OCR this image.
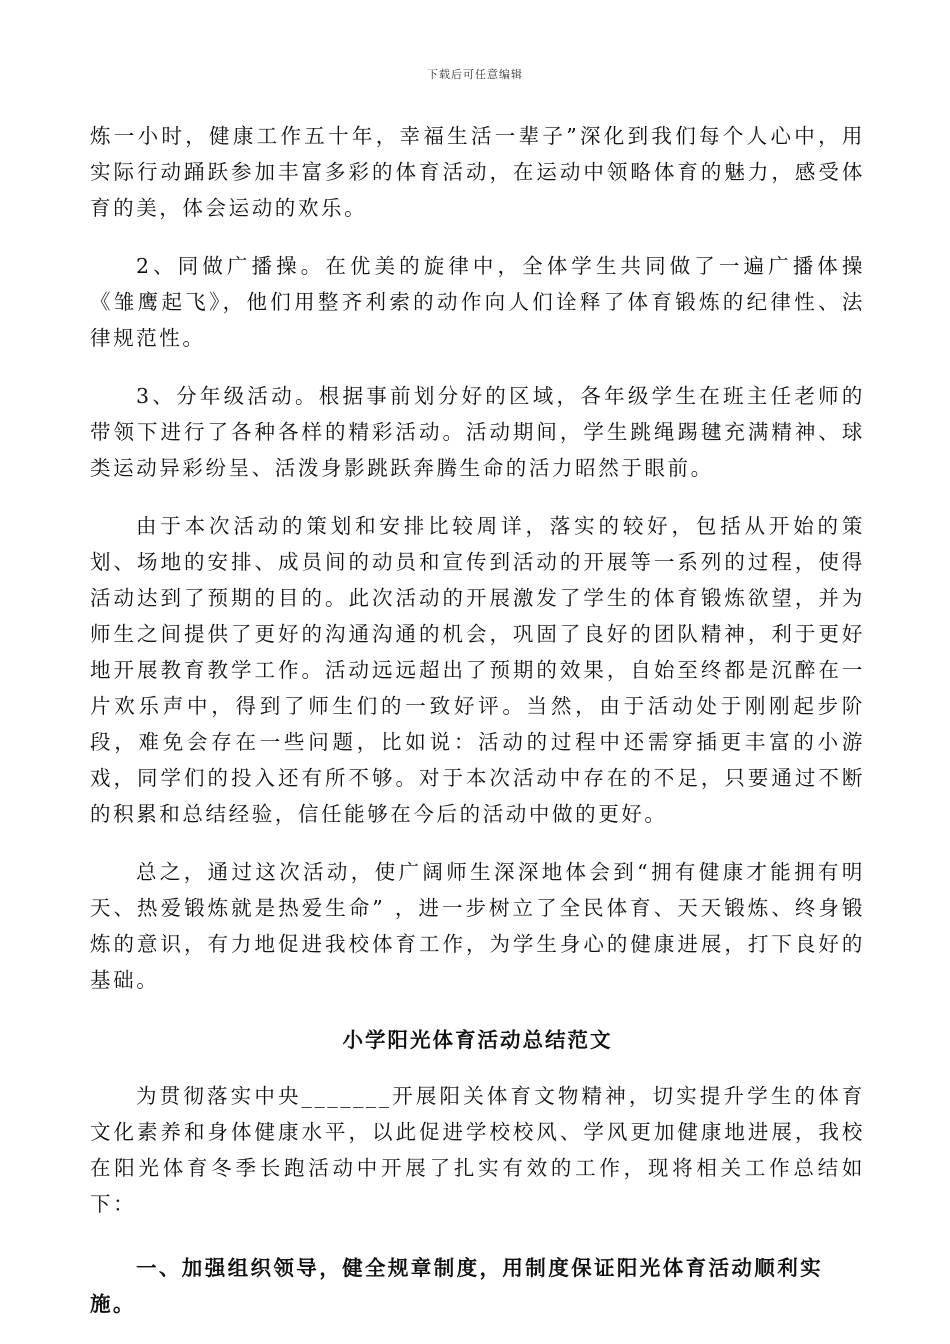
下载后可任意编辑

炼一小时，健康工作五十年，幸福生活一辈子”深化到我们每个人心中，用实际行动踊跃参加丰富多彩的体育活动，在运动中领略体育的魅力，感受体育的美，体会运动的欢乐。

2、同做广播操。在优美的旋律中，全体学生共同做了一遍广播体操《雏鹰起飞》，他们用整齐利索的动作向人们诠释了体育锻炼的纪律性、法律规范性。

3、分年级活动。根据事前划分好的区域，各年级学生在班主任老师的带领下进行了各种各样的精彩活动。活动期间，学生跳绳踢毽充满精神、球类运动异彩纷呈、活泼身影跳跃奔腾生命的活力昭然于眼前。

由于本次活动的策划和安排比较周详，落实的较好，包括从开始的策划、场地的安排、成员间的动员和宣传到活动的开展等一系列的过程，使得活动达到了预期的目的。此次活动的开展激发了学生的体育锻炼欲望，并为师生之间提供了更好的沟通沟通的机会，巩固了良好的团队精神，利于更好地开展教育教学工作。活动远远超出了预期的效果，自始至终都是沉醉在一片欢乐声中，得到了师生们的一致好评。当然，由于活动处于刚刚起步阶段，难免会存在一些问题，比如说：活动的过程中还需穿插更丰富的小游戏，同学们的投入还有所不够。对于本次活动中存在的不足，只要通过不断的积累和总结经验，信任能够在今后的活动中做的更好。

总之，通过这次活动，使广阔师生深深地体会到“拥有健康才能拥有明天、热爱锻炼就是热爱生命” ，进一步树立了全民体育、天天锻炼、终身锻炼的意识，有力地促进我校体育工作，为学生身心的健康进展，打下良好的基础。

小学阳光体育活动总结范文

为贯彻落实中央_______开展阳关体育文物精神，切实提升学生的体育文化素养和身体健康水平，以此促进学校校风、学风更加健康地进展，我校在阳光体育冬季长跑活动中开展了扎实有效的工作，现将相关工作总结如下：

一、加强组织领导，健全规章制度，用制度保证阳光体育活动顺利实施。
